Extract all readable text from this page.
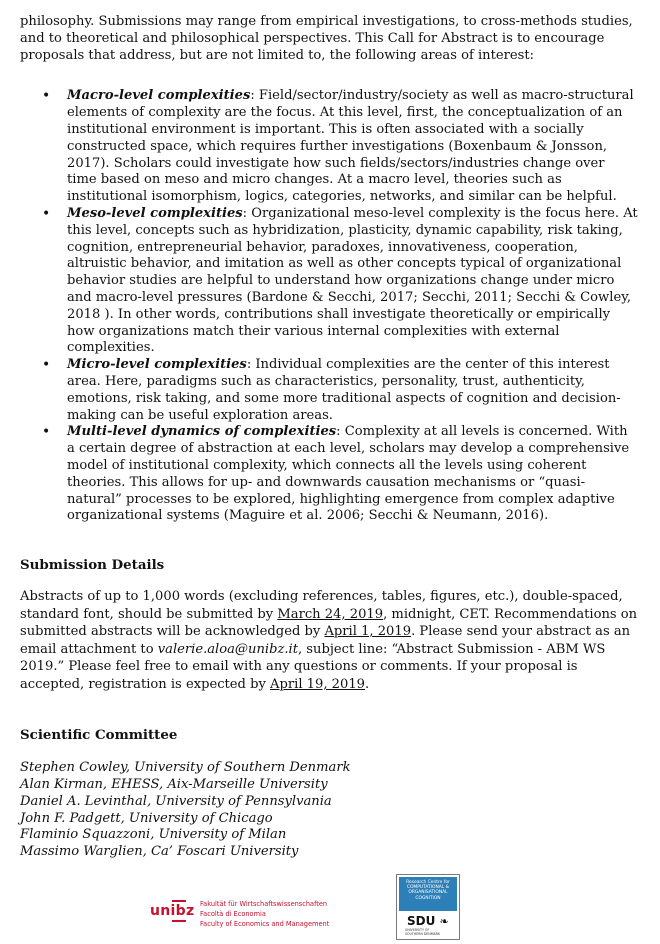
philosophy. Submissions may range from empirical investigations, to cross-methods studies, and to theoretical and philosophical perspectives. This Call for Abstract is to encourage proposals that address, but are not limited to, the following areas of interest:

• Macro-level complexities: Field/sector/industry/society as well as macro-structural elements of complexity are the focus. At this level, first, the conceptualization of an institutional environment is important. This is often associated with a socially constructed space, which requires further investigations (Boxenbaum & Jonsson, 2017). Scholars could investigate how such fields/sectors/industries change over time based on meso and micro changes. At a macro level, theories such as institutional isomorphism, logics, categories, networks, and similar can be helpful.
• Meso-level complexities: Organizational meso-level complexity is the focus here. At this level, concepts such as hybridization, plasticity, dynamic capability, risk taking, cognition, entrepreneurial behavior, paradoxes, innovativeness, cooperation, altruistic behavior, and imitation as well as other concepts typical of organizational behavior studies are helpful to understand how organizations change under micro and macro-level pressures (Bardone & Secchi, 2017; Secchi, 2011; Secchi & Cowley, 2018 ). In other words, contributions shall investigate theoretically or empirically how organizations match their various internal complexities with external complexities.
• Micro-level complexities: Individual complexities are the center of this interest area. Here, paradigms such as characteristics, personality, trust, authenticity, emotions, risk taking, and some more traditional aspects of cognition and decision-making can be useful exploration areas.
• Multi-level dynamics of complexities: Complexity at all levels is concerned. With a certain degree of abstraction at each level, scholars may develop a comprehensive model of institutional complexity, which connects all the levels using coherent theories. This allows for up- and downwards causation mechanisms or “quasi-natural” processes to be explored, highlighting emergence from complex adaptive organizational systems (Maguire et al. 2006; Secchi & Neumann, 2016).
Submission Details

Abstracts of up to 1,000 words (excluding references, tables, figures, etc.), double-spaced, standard font, should be submitted by March 24, 2019, midnight, CET. Recommendations on submitted abstracts will be acknowledged by April 1, 2019. Please send your abstract as an email attachment to valerie.aloa@unibz.it, subject line: “Abstract Submission - ABM WS 2019.” Please feel free to email with any questions or comments. If your proposal is accepted, registration is expected by April 19, 2019.

Scientific Committee
Stephen Cowley, University of Southern Denmark
Alan Kirman, EHESS, Aix-Marseille University
Daniel A. Levinthal, University of Pennsylvania
John F. Padgett, University of Chicago
Flaminio Squazzoni, University of Milan
Massimo Warglien, Ca’ Foscari University
unibz Fakultät für Wirtschaftswissenschaften
Facoltà di Economia
Faculty of Economics and Management
Research Centre for
COMPUTATIONAL &
ORGANISATIONAL
COGNITION
SDU ❧
UNIVERSITY OF
SOUTHERN DENMARK
